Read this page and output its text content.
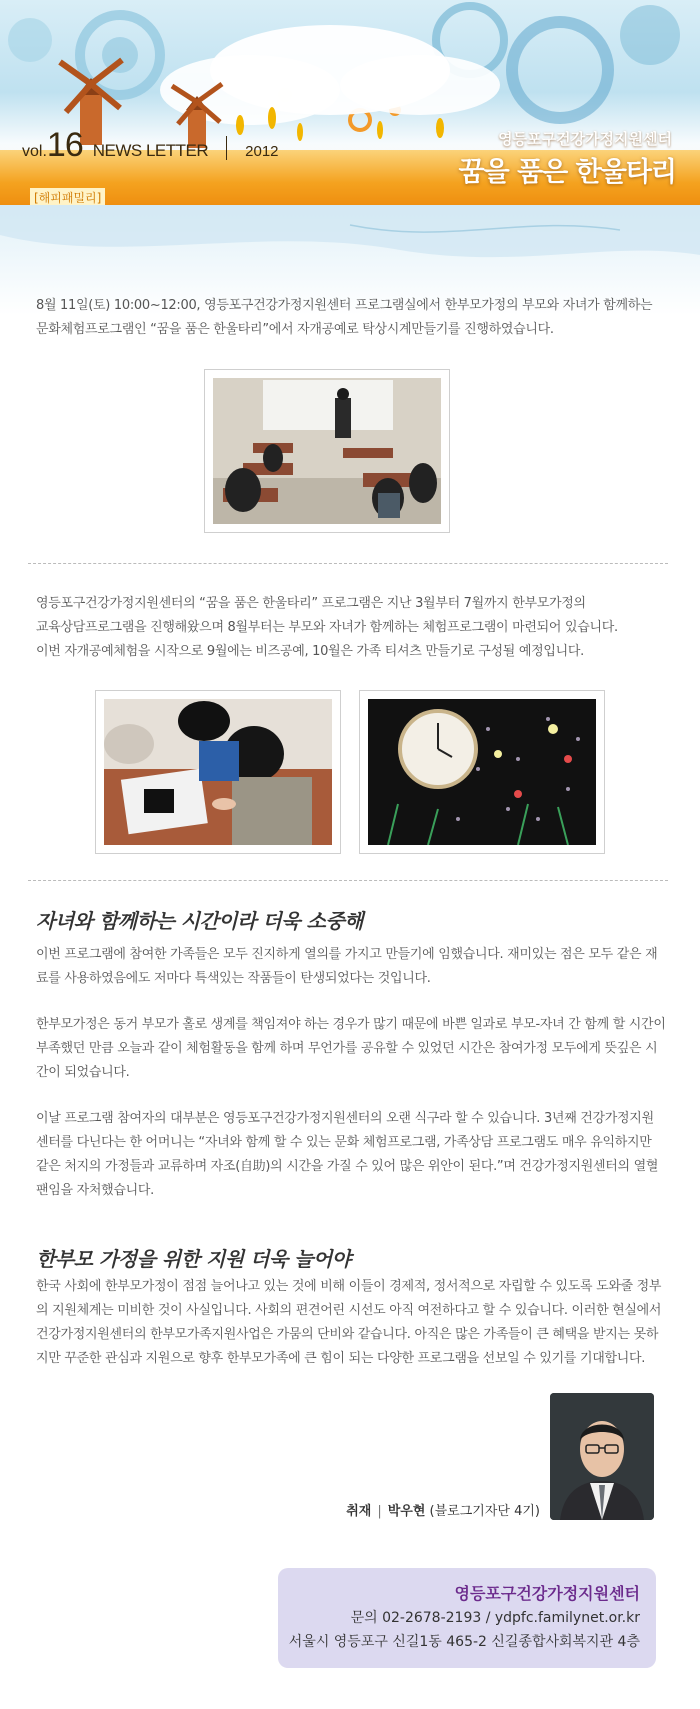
vol.16 NEWS LETTER 2012
영등포구건강가정지원센터
꿈을 품은 한울타리
[해피패밀리]

8월 11일(토) 10:00~12:00, 영등포구건강가정지원센터 프로그램실에서 한부모가정의 부모와 자녀가 함께하는 문화체험프로그램인 “꿈을 품은 한울타리”에서 자개공예로 탁상시계만들기를 진행하였습니다.

영등포구건강가정지원센터의 “꿈을 품은 한울타리” 프로그램은 지난 3월부터 7월까지 한부모가정의
교육상담프로그램을 진행해왔으며 8월부터는 부모와 자녀가 함께하는 체험프로그램이 마련되어 있습니다.
이번 자개공예체험을 시작으로 9월에는 비즈공예, 10월은 가족 티셔츠 만들기로 구성될 예정입니다.
자녀와 함께하는 시간이라 더욱 소중해

이번 프로그램에 참여한 가족들은 모두 진지하게 열의를 가지고 만들기에 임했습니다. 재미있는 점은 모두 같은 재료를 사용하였음에도 저마다 특색있는 작품들이 탄생되었다는 것입니다.

한부모가정은 동거 부모가 홀로 생계를 책임져야 하는 경우가 많기 때문에 바쁜 일과로 부모-자녀 간 함께 할 시간이 부족했던 만큼 오늘과 같이 체험활동을 함께 하며 무언가를 공유할 수 있었던 시간은 참여가정 모두에게 뜻깊은 시간이 되었습니다.

이날 프로그램 참여자의 대부분은 영등포구건강가정지원센터의 오랜 식구라 할 수 있습니다. 3년째 건강가정지원센터를 다닌다는 한 어머니는 “자녀와 함께 할 수 있는 문화 체험프로그램, 가족상담 프로그램도 매우 유익하지만 같은 처지의 가정들과 교류하며 자조(自助)의 시간을 가질 수 있어 많은 위안이 된다.”며 건강가정지원센터의 열혈 팬임을 자처했습니다.

한부모 가정을 위한 지원 더욱 늘어야

한국 사회에 한부모가정이 점점 늘어나고 있는 것에 비해 이들이 경제적, 정서적으로 자립할 수 있도록 도와줄 정부의 지원체계는 미비한 것이 사실입니다. 사회의 편견어린 시선도 아직 여전하다고 할 수 있습니다. 이러한 현실에서 건강가정지원센터의 한부모가족지원사업은 가뭄의 단비와 같습니다. 아직은 많은 가족들이 큰 혜택을 받지는 못하지만 꾸준한 관심과 지원으로 향후 한부모가족에 큰 힘이 되는 다양한 프로그램을 선보일 수 있기를 기대합니다.

취재 | 박우현 (블로그기자단 4기)
영등포구건강가정지원센터
문의 02-2678-2193 / ydpfc.familynet.or.kr
서울시 영등포구 신길1동 465-2 신길종합사회복지관 4층
